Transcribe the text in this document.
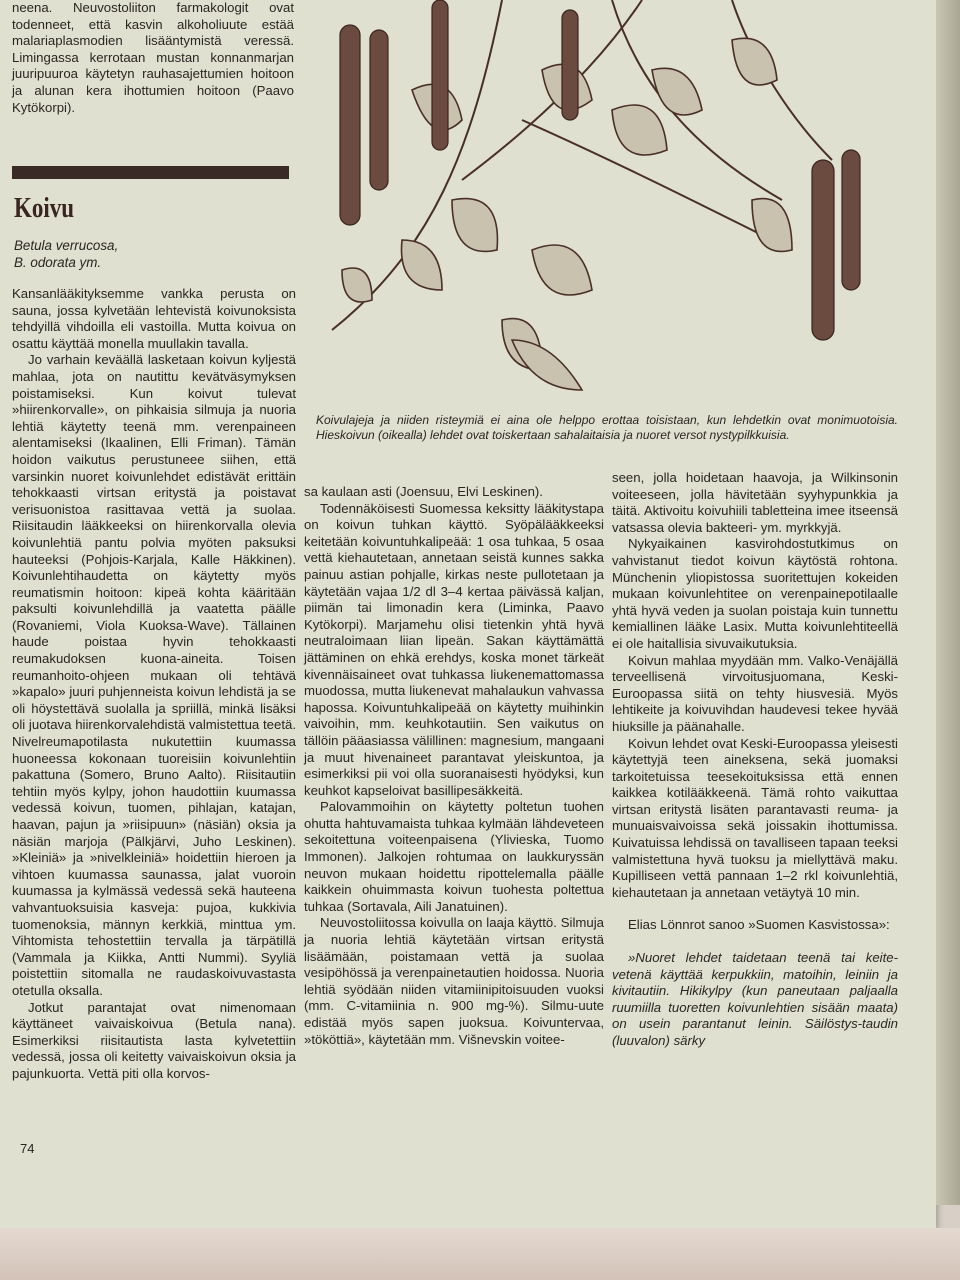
neena. Neuvostoliiton farmakologit ovat todenneet, että kasvin alkoholiuute estää malariaplasmodien lisääntymistä veressä. Limingassa kerrotaan mustan konnanmarjan juuripuuroa käytetyn rauhasajettumien hoitoon ja alunan kera ihottumien hoitoon (Paavo Kytökorpi).

Koivu
Betula verrucosa,
B. odorata ym.
Koivulajeja ja niiden risteymiä ei aina ole helppo erottaa toisistaan, kun lehdetkin ovat monimuotoisia. Hieskoivun (oikealla) lehdet ovat toiskertaan sahalaitaisia ja nuoret versot nystypilkkuisia.

Kansanlääkityksemme vankka perusta on sauna, jossa kylvetään lehtevistä koivunoksista tehdyillä vihdoilla eli vastoilla. Mutta koivua on osattu käyttää monella muullakin tavalla.

Jo varhain keväällä lasketaan koivun kyljestä mahlaa, jota on nautittu kevätväsymyksen poistamiseksi. Kun koivut tulevat »hiirenkorvalle», on pihkaisia silmuja ja nuoria lehtiä käytetty teenä mm. verenpaineen alentamiseksi (Ikaalinen, Elli Friman). Tämän hoidon vaikutus perustuneee siihen, että varsinkin nuoret koivunlehdet edistävät erittäin tehokkaasti virtsan eritystä ja poistavat verisuonistoa rasittavaa vettä ja suolaa. Riisitaudin lääkkeeksi on hiirenkorvalla olevia koivunlehtiä pantu polvia myöten paksuksi hauteeksi (Pohjois-Karjala, Kalle Häkkinen). Koivunlehtihaudetta on käytetty myös reumatismin hoitoon: kipeä kohta kääritään paksulti koivunlehdillä ja vaatetta päälle (Rovaniemi, Viola Kuoksa-Wave). Tällainen haude poistaa hyvin tehokkaasti reumakudoksen kuona-aineita. Toisen reumanhoito-ohjeen mukaan oli tehtävä »kapalo» juuri puhjenneista koivun lehdistä ja se oli höystettävä suolalla ja spriillä, minkä lisäksi oli juotava hiirenkorvalehdistä valmistettua teetä. Nivelreumapotilasta nukutettiin kuumassa huoneessa kokonaan tuoreisiin koivunlehtiin pakattuna (Somero, Bruno Aalto). Riisitautiin tehtiin myös kylpy, johon haudottiin kuumassa vedessä koivun, tuomen, pihlajan, katajan, haavan, pajun ja »riisipuun» (näsiän) oksia ja näsiän marjoja (Pälkjärvi, Juho Leskinen). »Kleiniä» ja »nivelkleiniä» hoidettiin hieroen ja vihtoen kuumassa saunassa, jalat vuoroin kuumassa ja kylmässä vedessä sekä hauteena vahvantuoksuisia kasveja: pujoa, kukkivia tuomenoksia, männyn kerkkiä, minttua ym. Vihtomista tehostettiin tervalla ja tärpätillä (Vammala ja Kiikka, Antti Nummi). Syyliä poistettiin sitomalla ne raudaskoivuvastasta otetulla oksalla.

Jotkut parantajat ovat nimenomaan käyttäneet vaivaiskoivua (Betula nana). Esimerkiksi riisitautista lasta kylvetettiin vedessä, jossa oli keitetty vaivaiskoivun oksia ja pajunkuorta. Vettä piti olla korvos-

sa kaulaan asti (Joensuu, Elvi Leskinen).

Todennäköisesti Suomessa keksitty lääkitystapa on koivun tuhkan käyttö. Syöpälääkkeeksi keitetään koivuntuhkalipeää: 1 osa tuhkaa, 5 osaa vettä kiehautetaan, annetaan seistä kunnes sakka painuu astian pohjalle, kirkas neste pullotetaan ja käytetään vajaa 1/2 dl 3–4 kertaa päivässä kaljan, piimän tai limonadin kera (Liminka, Paavo Kytökorpi). Marjamehu olisi tietenkin yhtä hyvä neutraloimaan liian lipeän. Sakan käyttämättä jättäminen on ehkä erehdys, koska monet tärkeät kivennäisaineet ovat tuhkassa liukenemattomassa muodossa, mutta liukenevat mahalaukun vahvassa hapossa. Koivuntuhkalipeää on käytetty muihinkin vaivoihin, mm. keuhkotautiin. Sen vaikutus on tällöin pääasiassa välillinen: magnesium, mangaani ja muut hivenaineet parantavat yleiskuntoa, ja esimerkiksi pii voi olla suoranaisesti hyödyksi, kun keuhkot kapseloivat basillipesäkkeitä.

Palovammoihin on käytetty poltetun tuohen ohutta hahtuvamaista tuhkaa kylmään lähdeveteen sekoitettuna voiteenpaisena (Ylivieska, Tuomo Immonen). Jalkojen rohtumaa on laukkuryssän neuvon mukaan hoidettu ripottelemalla päälle kaikkein ohuimmasta koivun tuohesta poltettua tuhkaa (Sortavala, Aili Janatuinen).

Neuvostoliitossa koivulla on laaja käyttö. Silmuja ja nuoria lehtiä käytetään virtsan eritystä lisäämään, poistamaan vettä ja suolaa vesipöhössä ja verenpainetautien hoidossa. Nuoria lehtiä syödään niiden vitamiinipitoisuuden vuoksi (mm. C-vitamiinia n. 900 mg-%). Silmu-uute edistää myös sapen juoksua. Koivuntervaa, »tököttiä», käytetään mm. Višnevskin voitee-

seen, jolla hoidetaan haavoja, ja Wilkinsonin voiteeseen, jolla hävitetään syyhypunkkia ja täitä. Aktivoitu koivuhiili tabletteina imee itseensä vatsassa olevia bakteeri- ym. myrkkyjä.

Nykyaikainen kasvirohdostutkimus on vahvistanut tiedot koivun käytöstä rohtona. Münchenin yliopistossa suoritettujen kokeiden mukaan koivunlehtitee on verenpainepotilaalle yhtä hyvä veden ja suolan poistaja kuin tunnettu kemiallinen lääke Lasix. Mutta koivunlehtiteellä ei ole haitallisia sivuvaikutuksia.

Koivun mahlaa myydään mm. Valko-Venäjällä terveellisenä virvoitusjuomana, Keski-Euroopassa siitä on tehty hiusvesiä. Myös lehtikeite ja koivuvihdan haudevesi tekee hyvää hiuksille ja päänahalle.

Koivun lehdet ovat Keski-Euroopassa yleisesti käytettyjä teen aineksena, sekä juomaksi tarkoitetuissa teesekoituksissa että ennen kaikkea kotilääkkeenä. Tämä rohto vaikuttaa virtsan eritystä lisäten parantavasti reuma- ja munuaisvaivoissa sekä joissakin ihottumissa. Kuivatuissa lehdissä on tavalliseen tapaan teeksi valmistettuna hyvä tuoksu ja miellyttävä maku. Kupilliseen vettä pannaan 1–2 rkl koivunlehtiä, kiehautetaan ja annetaan vetäytyä 10 min.

Elias Lönnrot sanoo »Suomen Kasvistossa»:

»Nuoret lehdet taidetaan teenä tai keite-vetenä käyttää kerpukkiin, matoihin, leiniin ja kivitautiin. Hikikylpy (kun paneutaan paljaalla ruumiilla tuoretten koivunlehtien sisään maata) on usein parantanut leinin. Säilöstys-taudin (luuvalon) särky

74
